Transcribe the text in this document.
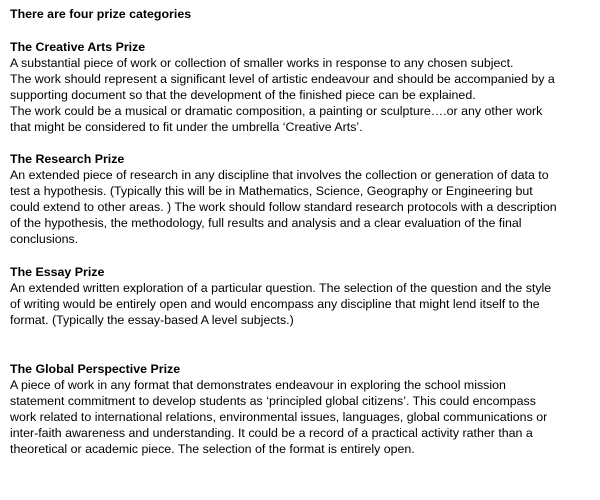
There are four prize categories

The Creative Arts Prize

A substantial piece of work or collection of smaller works in response to any chosen subject.

The work should represent a significant level of artistic endeavour and should be accompanied by a

supporting document so that the development of the finished piece can be explained.

The work could be a musical or dramatic composition, a painting or sculpture….or any other work

that might be considered to fit under the umbrella ‘Creative Arts’.

The Research Prize

An extended piece of research in any discipline that involves the collection or generation of data to

test a hypothesis. (Typically this will be in Mathematics, Science, Geography or Engineering but

could extend to other areas. ) The work should follow standard research protocols with a description

of the hypothesis, the methodology, full results and analysis and a clear evaluation of the final

conclusions.

The Essay Prize

An extended written exploration of a particular question. The selection of the question and the style

of writing would be entirely open and would encompass any discipline that might lend itself to the

format. (Typically the essay-based A level subjects.)

The Global Perspective Prize

A piece of work in any format that demonstrates endeavour in exploring the school mission

statement commitment to develop students as ‘principled global citizens’. This could encompass

work related to international relations, environmental issues, languages, global communications or

inter-faith awareness and understanding. It could be a record of a practical activity rather than a

theoretical or academic piece. The selection of the format is entirely open.
